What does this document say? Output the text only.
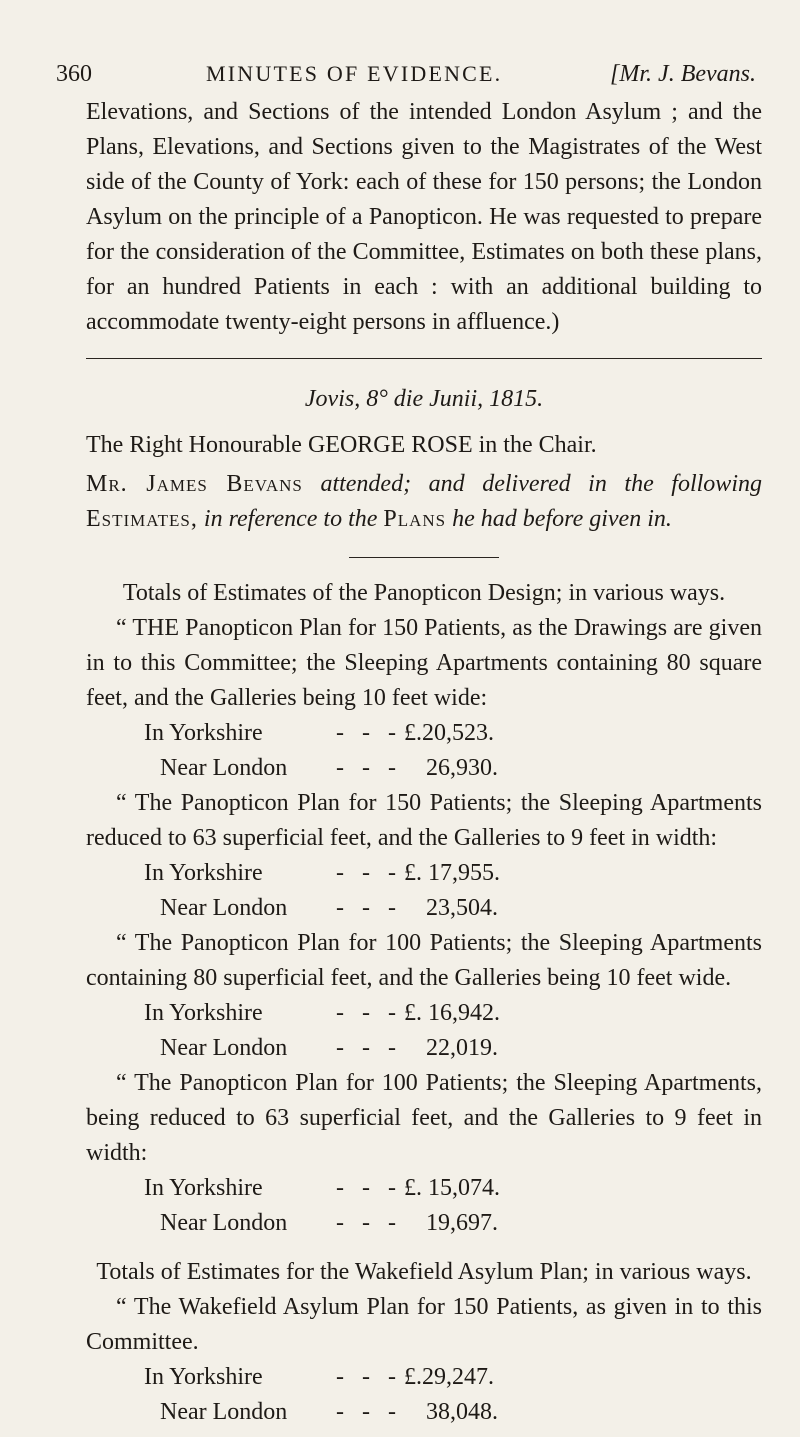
360	MINUTES OF EVIDENCE.	[Mr. J. Bevans.

Elevations, and Sections of the intended London Asylum ; and the Plans, Elevations, and Sections given to the Magistrates of the West side of the County of York: each of these for 150 persons; the London Asylum on the principle of a Panopticon. He was requested to prepare for the consideration of the Committee, Estimates on both these plans, for an hundred Patients in each : with an additional building to accommodate twenty-eight persons in affluence.)

Jovis, 8° die Junii, 1815.
The Right Honourable GEORGE ROSE in the Chair.

Mr. James Bevans attended; and delivered in the following Estimates, in reference to the Plans he had before given in.

Totals of Estimates of the Panopticon Design; in various ways.

“ THE Panopticon Plan for 150 Patients, as the Drawings are given in to this Committee; the Sleeping Apartments containing 80 square feet, and the Galleries being 10 feet wide:

In Yorkshire	- - - £.20,523.
Near London - - - 26,930.

“ The Panopticon Plan for 150 Patients; the Sleeping Apartments reduced to 63 superficial feet, and the Galleries to 9 feet in width:

In Yorkshire	- - - £. 17,955.
Near London - - - 23,504.

“ The Panopticon Plan for 100 Patients; the Sleeping Apartments containing 80 superficial feet, and the Galleries being 10 feet wide.

In Yorkshire	- - - £. 16,942.
Near London - - - 22,019.

“ The Panopticon Plan for 100 Patients; the Sleeping Apartments, being reduced to 63 superficial feet, and the Galleries to 9 feet in width:

In Yorkshire	- - - £. 15,074.
Near London - - - 19,697.

Totals of Estimates for the Wakefield Asylum Plan; in various ways.

“ The Wakefield Asylum Plan for 150 Patients, as given in to this Committee.

In Yorkshire	- - - £.29,247.
Near London - - - 38,048.
